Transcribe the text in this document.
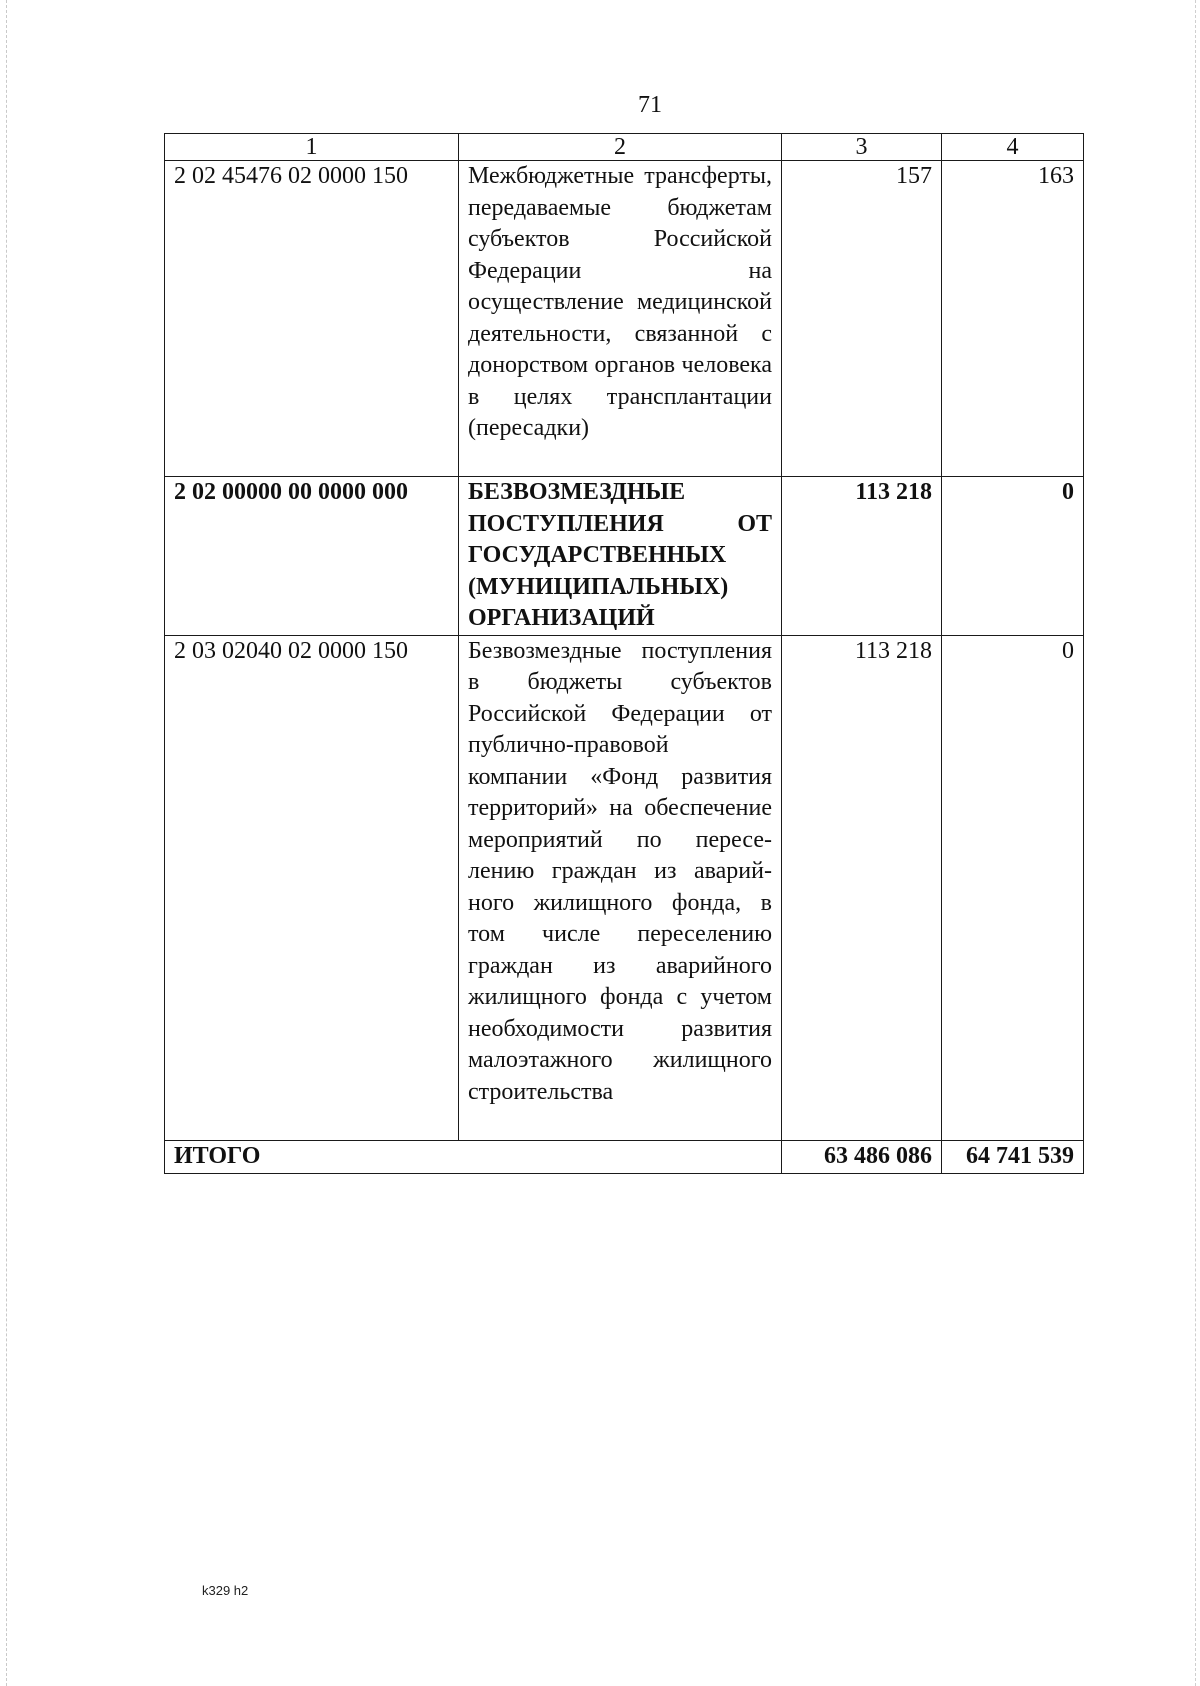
71
1	2	3	4
2 02 45476 02 0000 150	Межбюджетные трансферты, передаваемые бюджетам субъектов Российской Федерации на осуществление медицинской деятельности, связанной с донорством органов человека в целях трансплантации (пересадки)	157	163
2 02 00000 00 0000 000	БЕЗВОЗМЕЗДНЫЕ ПОСТУПЛЕНИЯ ОТ ГОСУДАРСТВЕННЫХ (МУНИЦИПАЛЬНЫХ) ОРГАНИЗАЦИЙ	113 218	0
2 03 02040 02 0000 150	Безвозмездные поступления в бюджеты субъектов Российской Федерации от публично-правовой компании «Фонд развития территорий» на обеспечение мероприятий по переселению граждан из аварийного жилищного фонда, в том числе переселению граждан из аварийного жилищного фонда с учетом необходимости развития малоэтажного жилищного строительства	113 218	0
ИТОГО		63 486 086	64 741 539
k329 h2
